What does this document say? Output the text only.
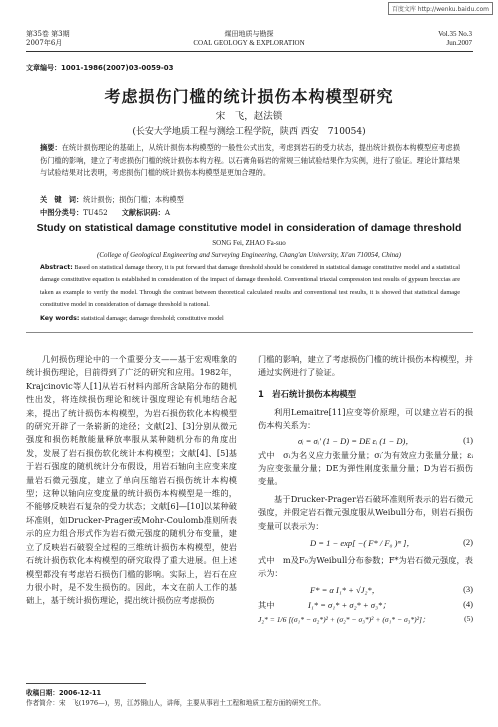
百度文库 http://wenku.baidu.com
第35卷 第3期
2007年6月
煤田地质与勘探
COAL GEOLOGY & EXPLORATION
Vol.35 No.3
Jun.2007
文章编号：1001-1986(2007)03-0059-03
考虑损伤门槛的统计损伤本构模型研究
宋　飞，赵法锁
(长安大学地质工程与测绘工程学院，陕西 西安　710054)
摘要：在统计损伤理论的基础上，从统计损伤本构模型的一般性公式出发，考虑到岩石的受力状态，提出统计损伤本构模型应考虑损伤门槛的影响，建立了考虑损伤门槛的统计损伤本构方程。以石膏角砾岩的常规三轴试验结果作为实例，进行了验证。理论计算结果与试验结果对比表明，考虑损伤门槛的统计损伤本构模型是更加合理的。
关　键　词：统计损伤；损伤门槛；本构模型
中图分类号：TU452 文献标识码：A
Study on statistical damage constitutive model in consideration of damage threshold
SONG Fei, ZHAO Fa-suo
(College of Geological Engineering and Surveying Engineering, Chang'an University, Xi'an 710054, China)
Abstract: Based on statistical damage theory, it is put forward that damage threshold should be considered in statistical damage constitutive model and a statistical damage constitutive equation is established in consideration of the impact of damage threshold. Conventional triaxial compression test results of gypsum breccias are taken as example to verify the model. Through the contrast between theoretical calculated results and conventional test results, it is showed that statistical damage constitutive model in consideration of damage threshold is rational.
Key words: statistical damage; damage threshold; constitutive model
几何损伤理论中的一个重要分支——基于宏观唯象的统计损伤理论，目前得到了广泛的研究和应用。1982年，Krajcinovic等人[1]从岩石材料内部所含缺陷分布的随机性出发，将连续损伤理论和统计强度理论有机地结合起来，提出了统计损伤本构模型，为岩石损伤软化本构模型的研究开辟了一条崭新的途径；文献[2]、[3]分别从微元强度和损伤耗散能量释放率服从某种随机分布的角度出发，发展了岩石损伤软化统计本构模型；文献[4]、[5]基于岩石强度的随机统计分布假设，用岩石轴向主应变来度量岩石微元强度，建立了单向压缩岩石损伤统计本构模型；这种以轴向应变度量的统计损伤本构模型是一维的，不能够反映岩石复杂的受力状态；文献[6]—[10]以某种破坏准则，如Drucker-Prager或Mohr-Coulomb准则所表示的应力组合形式作为岩石微元强度的随机分布变量，建立了反映岩石破裂全过程的三维统计损伤本构模型，使岩石统计损伤软化本构模型的研究取得了重大进展。但上述模型都没有考虑岩石损伤门槛的影响。实际上，岩石在应力很小时，是不发生损伤的。因此，本文在前人工作的基础上，基于统计损伤理论，提出统计损伤应考虑损伤
门槛的影响，建立了考虑损伤门槛的统计损伤本构模型，并通过实例进行了验证。
1　岩石统计损伤本构模型
利用Lemaitre[11]应变等价原理，可以建立岩石的损伤本构关系为：
σᵢ = σᵢ′ (1 − D) = DE εᵢ (1 − D)，	(1)
式中　σᵢ为名义应力张量分量；σᵢ′为有效应力张量分量；εᵢ为应变张量分量；DE为弹性刚度张量分量；D为岩石损伤变量。
基于Drucker-Prager岩石破坏准则所表示的岩石微元强度，并假定岩石微元强度服从Weibull分布，则岩石损伤变量可以表示为：
D = 1 − exp[ −( F* / F₀ )ᵐ ]，	(2)
式中　m及F₀为Weibull分布参数；F*为岩石微元强度，表示为：
F* = α I₁* + √J₂*，	(3)
其中	I₁* = σ₁* + σ₂* + σ₃*；	(4)
J₂* = 1/6 [(σ₁* − σ₂*)² + (σ₂* − σ₃*)² + (σ₁* − σ₃*)²]；	(5)
收稿日期：2006-12-11
作者简介：宋　飞(1976—)，男，江苏铜山人，讲师，主要从事岩土工程和地质工程方面的研究工作。
